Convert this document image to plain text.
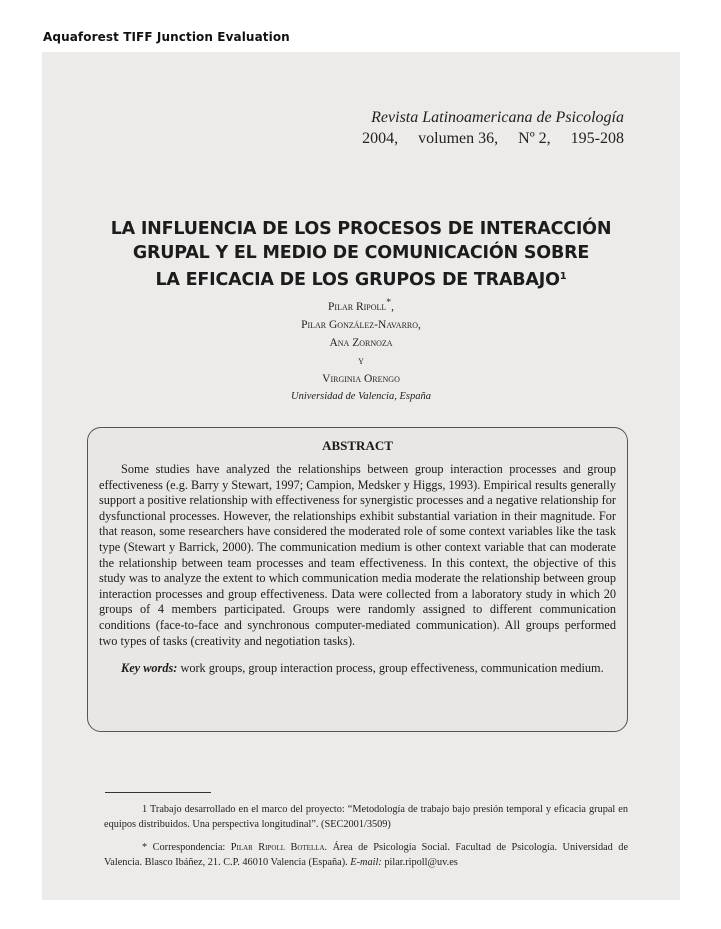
Aquaforest TIFF Junction Evaluation
Revista Latinoamericana de Psicología
2004, volumen 36, Nº 2, 195-208
LA INFLUENCIA DE LOS PROCESOS DE INTERACCIÓN
GRUPAL Y EL MEDIO DE COMUNICACIÓN SOBRE
LA EFICACIA DE LOS GRUPOS DE TRABAJO$^1$
Pilar Ripoll*,
Pilar González-Navarro,
Ana Zornoza
y
Virginia Orengo
Universidad de Valencia, España
ABSTRACT

Some studies have analyzed the relationships between group interaction processes and group effectiveness (e.g. Barry y Stewart, 1997; Campion, Medsker y Higgs, 1993). Empirical results generally support a positive relationship with effectiveness for synergistic processes and a negative relationship for dysfunctional processes. However, the relationships exhibit substantial variation in their magnitude. For that reason, some researchers have considered the moderated role of some context variables like the task type (Stewart y Barrick, 2000). The communication medium is other context variable that can moderate the relationship between team processes and team effectiveness. In this context, the objective of this study was to analyze the extent to which communication media moderate the relationship between group interaction processes and group effectiveness. Data were collected from a laboratory study in which 20 groups of 4 members participated. Groups were randomly assigned to different communication conditions (face-to-face and synchronous computer-mediated communication). All groups performed two types of tasks (creativity and negotiation tasks).

Key words: work groups, group interaction process, group effectiveness, communication medium.

1 Trabajo desarrollado en el marco del proyecto: “Metodología de trabajo bajo presión temporal y eficacia grupal en equipos distribuidos. Una perspectiva longitudinal”. (SEC2001/3509)

* Correspondencia: Pilar Ripoll Botella. Área de Psicología Social. Facultad de Psicología. Universidad de Valencia. Blasco Ibáñez, 21. C.P. 46010 Valencia (España). E-mail: pilar.ripoll@uv.es
